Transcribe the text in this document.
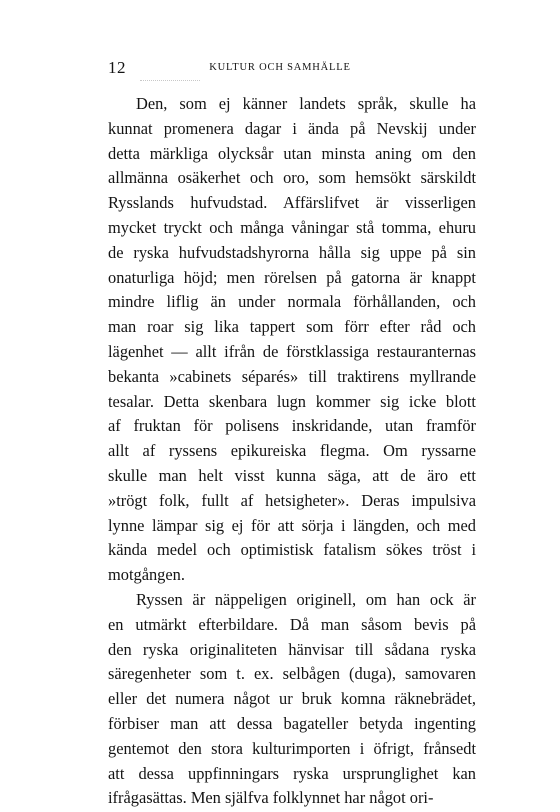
12	KULTUR OCH SAMHÄLLE
Den, som ej känner landets språk, skulle ha
kunnat promenera dagar i ända på Nevskij under
detta märkliga olycksår utan minsta aning om den
allmänna osäkerhet och oro, som hemsökt särskildt
Rysslands hufvudstad. Affärslifvet är visserligen
mycket tryckt och många våningar stå tomma, ehuru
de ryska hufvudstadshyrorna hålla sig uppe på sin
onaturliga höjd; men rörelsen på gatorna är knappt
mindre liflig än under normala förhållanden, och
man roar sig lika tappert som förr efter råd och
lägenhet — allt ifrån de förstklassiga restauranternas
bekanta »cabinets séparés» till traktirens myllrande
tesalar. Detta skenbara lugn kommer sig icke blott
af fruktan för polisens inskridande, utan framför
allt af ryssens epikureiska flegma. Om ryssarne
skulle man helt visst kunna säga, att de äro ett
»trögt folk, fullt af hetsigheter». Deras impulsiva
lynne lämpar sig ej för att sörja i längden, och med
kända medel och optimistisk fatalism sökes tröst i
motgången.
Ryssen är näppeligen originell, om han ock är
en utmärkt efterbildare. Då man såsom bevis på
den ryska originaliteten hänvisar till sådana ryska
säregenheter som t. ex. selbågen (duga), samovaren
eller det numera något ur bruk komna räknebrädet,
förbiser man att dessa bagateller betyda ingenting
gentemot den stora kulturimporten i öfrigt, frånsedt
att dessa uppfinningars ryska ursprunglighet kan
ifrågasättas. Men själfva folklynnet har något ori-
